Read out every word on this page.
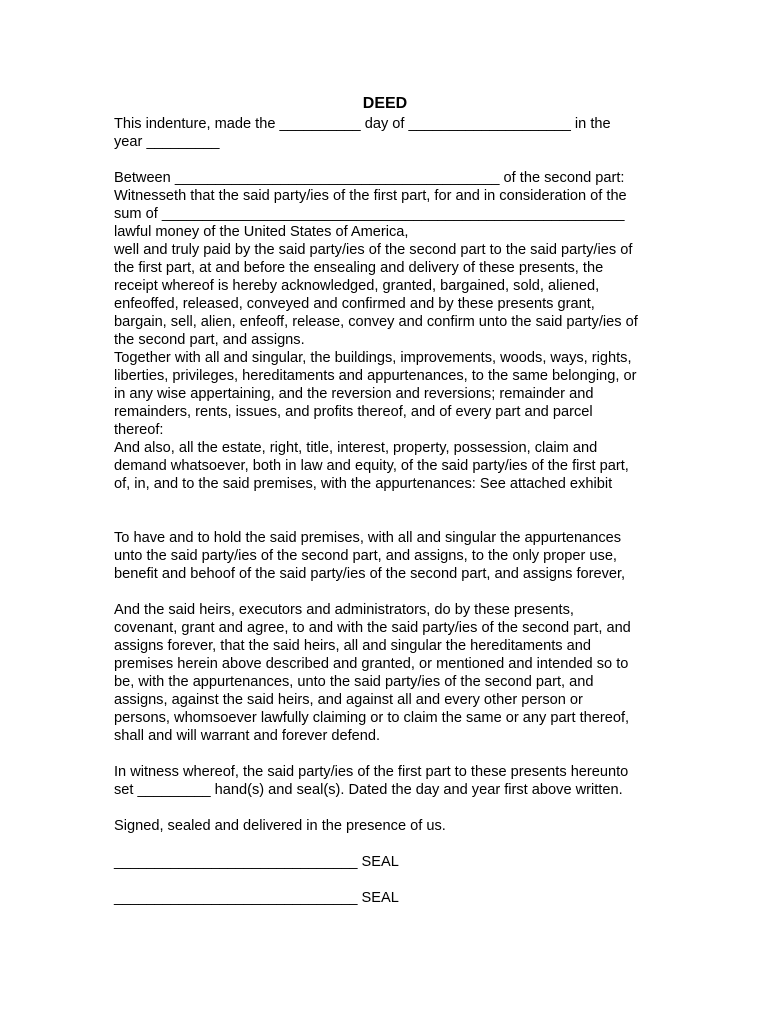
DEED
This indenture, made the __________ day of ____________________ in the
year _________
Between ________________________________________ of the second part:
Witnesseth that the said party/ies of the first part, for and in consideration of the
sum of _________________________________________________________
lawful money of the United States of America,
well and truly paid by the said party/ies of the second part to the said party/ies of
the first part, at and before the ensealing and delivery of these presents, the
receipt whereof is hereby acknowledged, granted, bargained, sold, aliened,
enfeoffed, released, conveyed and confirmed and by these presents grant,
bargain, sell, alien, enfeoff, release, convey and confirm unto the said party/ies of
the second part, and assigns.
Together with all and singular, the buildings, improvements, woods, ways, rights,
liberties, privileges, hereditaments and appurtenances, to the same belonging, or
in any wise appertaining, and the reversion and reversions; remainder and
remainders, rents, issues, and profits thereof, and of every part and parcel
thereof:
And also, all the estate, right, title, interest, property, possession, claim and
demand whatsoever, both in law and equity, of the said party/ies of the first part,
of, in, and to the said premises, with the appurtenances: See attached exhibit
To have and to hold the said premises, with all and singular the appurtenances
unto the said party/ies of the second part, and assigns, to the only proper use,
benefit and behoof of the said party/ies of the second part, and assigns forever,
And the said heirs, executors and administrators, do by these presents,
covenant, grant and agree, to and with the said party/ies of the second part, and
assigns forever, that the said heirs, all and singular the hereditaments and
premises herein above described and granted, or mentioned and intended so to
be, with the appurtenances, unto the said party/ies of the second part, and
assigns, against the said heirs, and against all and every other person or
persons, whomsoever lawfully claiming or to claim the same or any part thereof,
shall and will warrant and forever defend.
In witness whereof, the said party/ies of the first part to these presents hereunto
set _________ hand(s) and seal(s). Dated the day and year first above written.
Signed, sealed and delivered in the presence of us.
______________________________ SEAL
______________________________ SEAL
